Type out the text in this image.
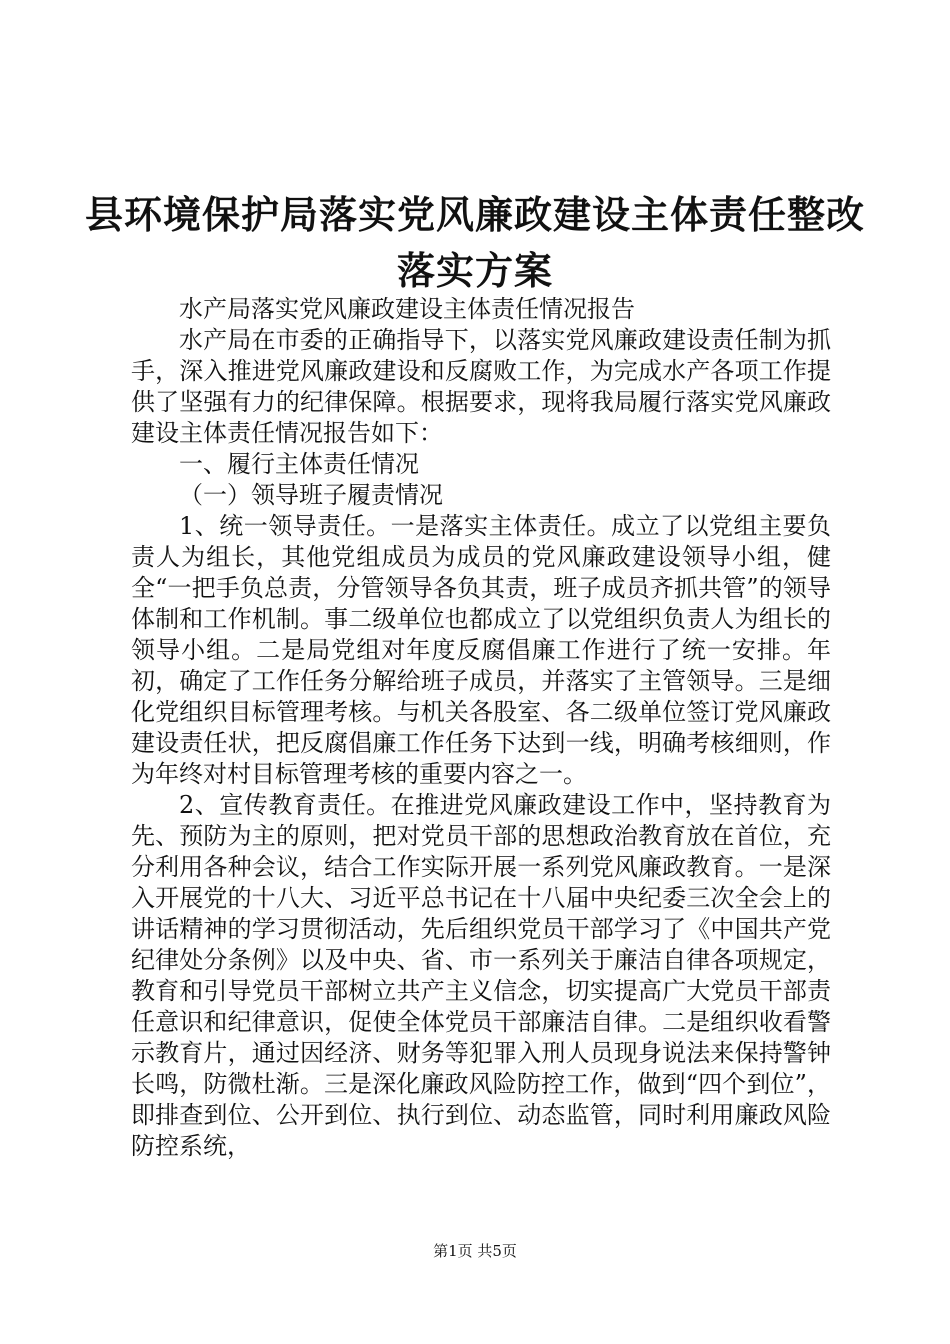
县环境保护局落实党风廉政建设主体责任整改
落实方案

水产局落实党风廉政建设主体责任情况报告

水产局在市委的正确指导下，以落实党风廉政建设责任制为抓手，深入推进党风廉政建设和反腐败工作，为完成水产各项工作提供了坚强有力的纪律保障。根据要求，现将我局履行落实党风廉政建设主体责任情况报告如下：

一、履行主体责任情况

（一）领导班子履责情况

1、统一领导责任。一是落实主体责任。成立了以党组主要负责人为组长，其他党组成员为成员的党风廉政建设领导小组，健全“一把手负总责，分管领导各负其责，班子成员齐抓共管”的领导体制和工作机制。事二级单位也都成立了以党组织负责人为组长的领导小组。二是局党组对年度反腐倡廉工作进行了统一安排。年初，确定了工作任务分解给班子成员，并落实了主管领导。三是细化党组织目标管理考核。与机关各股室、各二级单位签订党风廉政建设责任状，把反腐倡廉工作任务下达到一线，明确考核细则，作为年终对村目标管理考核的重要内容之一。

2、宣传教育责任。在推进党风廉政建设工作中，坚持教育为先、预防为主的原则，把对党员干部的思想政治教育放在首位，充分利用各种会议，结合工作实际开展一系列党风廉政教育。一是深入开展党的十八大、习近平总书记在十八届中央纪委三次全会上的讲话精神的学习贯彻活动，先后组织党员干部学习了《中国共产党纪律处分条例》以及中央、省、市一系列关于廉洁自律各项规定，教育和引导党员干部树立共产主义信念，切实提高广大党员干部责任意识和纪律意识，促使全体党员干部廉洁自律。二是组织收看警示教育片，通过因经济、财务等犯罪入刑人员现身说法来保持警钟长鸣，防微杜渐。三是深化廉政风险防控工作，做到“四个到位”，即排查到位、公开到位、执行到位、动态监管，同时利用廉政风险防控系统，

第1页 共5页
